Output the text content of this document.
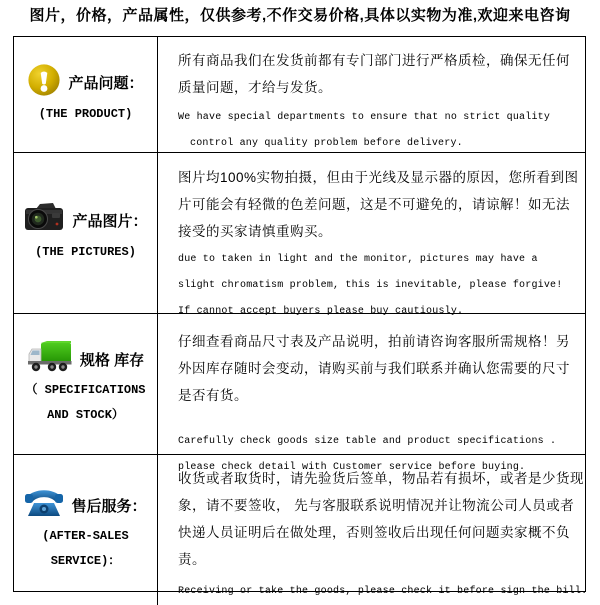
图片，价格，产品属性，仅供参考,不作交易价格,具体以实物为准,欢迎来电咨询
产品问题：
(THE PRODUCT)
所有商品我们在发货前都有专门部门进行严格质检，确保无任何质量问题，才给与发货。
We have special departments to ensure that no strict quality
control any quality problem before delivery.
产品图片：
(THE PICTURES)
图片均100%实物拍摄，但由于光线及显示器的原因，您所看到图片可能会有轻微的色差问题，这是不可避免的，请谅解！如无法接受的买家请慎重购买。
due to taken in light and the monitor, pictures may have a
slight chromatism problem, this is inevitable, please forgive!
If cannot accept buyers please buy cautiously.
规格 库存
（ SPECIFICATIONS
AND STOCK）
仔细查看商品尺寸表及产品说明，拍前请咨询客服所需规格！另外因库存随时会变动，请购买前与我们联系并确认您需要的尺寸是否有货。
Carefully check goods size table and product specifications .
please check detail with Customer service before buying.
售后服务：
(AFTER-SALES
SERVICE)：
收货或者取货时，请先验货后签单，物品若有损坏，或者是少货现象，请不要签收， 先与客服联系说明情况并让物流公司人员或者快递人员证明后在做处理，否则签收后出现任何问题卖家概不负责。
Receiving or take the goods, please check it before sign the bill.
